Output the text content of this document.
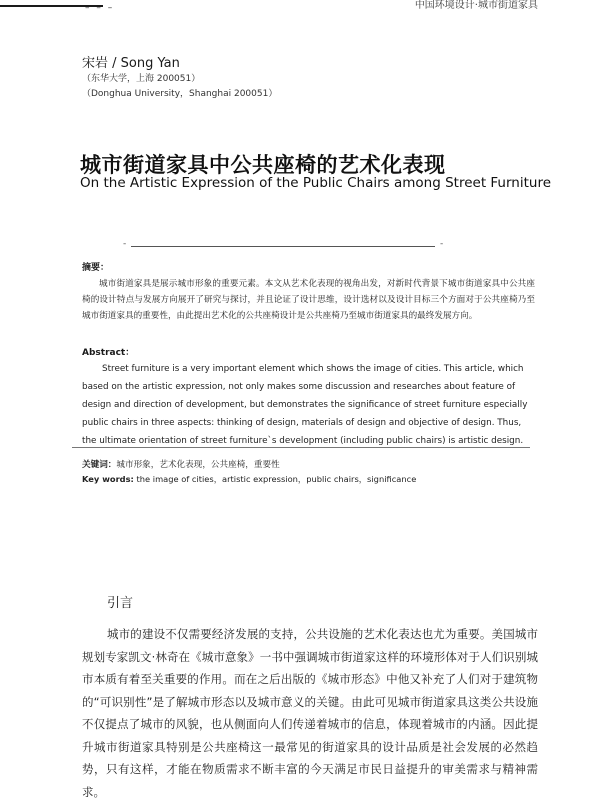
– – –	中国环境设计·城市街道家具
宋岩 / Song Yan
（东华大学，上海 200051）
（Donghua University，Shanghai 200051）
城市街道家具中公共座椅的艺术化表现
On the Artistic Expression of the Public Chairs among Street Furniture
-	-
摘要：
城市街道家具是展示城市形象的重要元素。本文从艺术化表现的视角出发，对新时代背景下城市街道家具中公共座椅的设计特点与发展方向展开了研究与探讨，并且论证了设计思维，设计选材以及设计目标三个方面对于公共座椅乃至城市街道家具的重要性，由此提出艺术化的公共座椅设计是公共座椅乃至城市街道家具的最终发展方向。
Abstract：
Street furniture is a very important element which shows the image of cities. This article, which based on the artistic expression, not only makes some discussion and researches about feature of design and direction of development, but demonstrates the significance of street furniture especially public chairs in three aspects: thinking of design, materials of design and objective of design. Thus, the ultimate orientation of street furniture`s development (including public chairs) is artistic design.
关键词：城市形象，艺术化表现，公共座椅，重要性
Key words: the image of cities，artistic expression，public chairs，significance
引言
城市的建设不仅需要经济发展的支持，公共设施的艺术化表达也尤为重要。美国城市规划专家凯文·林奇在《城市意象》一书中强调城市街道家这样的环境形体对于人们识别城市本质有着至关重要的作用。而在之后出版的《城市形态》中他又补充了人们对于建筑物的“可识别性”是了解城市形态以及城市意义的关键。由此可见城市街道家具这类公共设施不仅提点了城市的风貌，也从侧面向人们传递着城市的信息，体现着城市的内涵。因此提升城市街道家具特别是公共座椅这一最常见的街道家具的设计品质是社会发展的必然趋势，只有这样，才能在物质需求不断丰富的今天满足市民日益提升的审美需求与精神需求。
